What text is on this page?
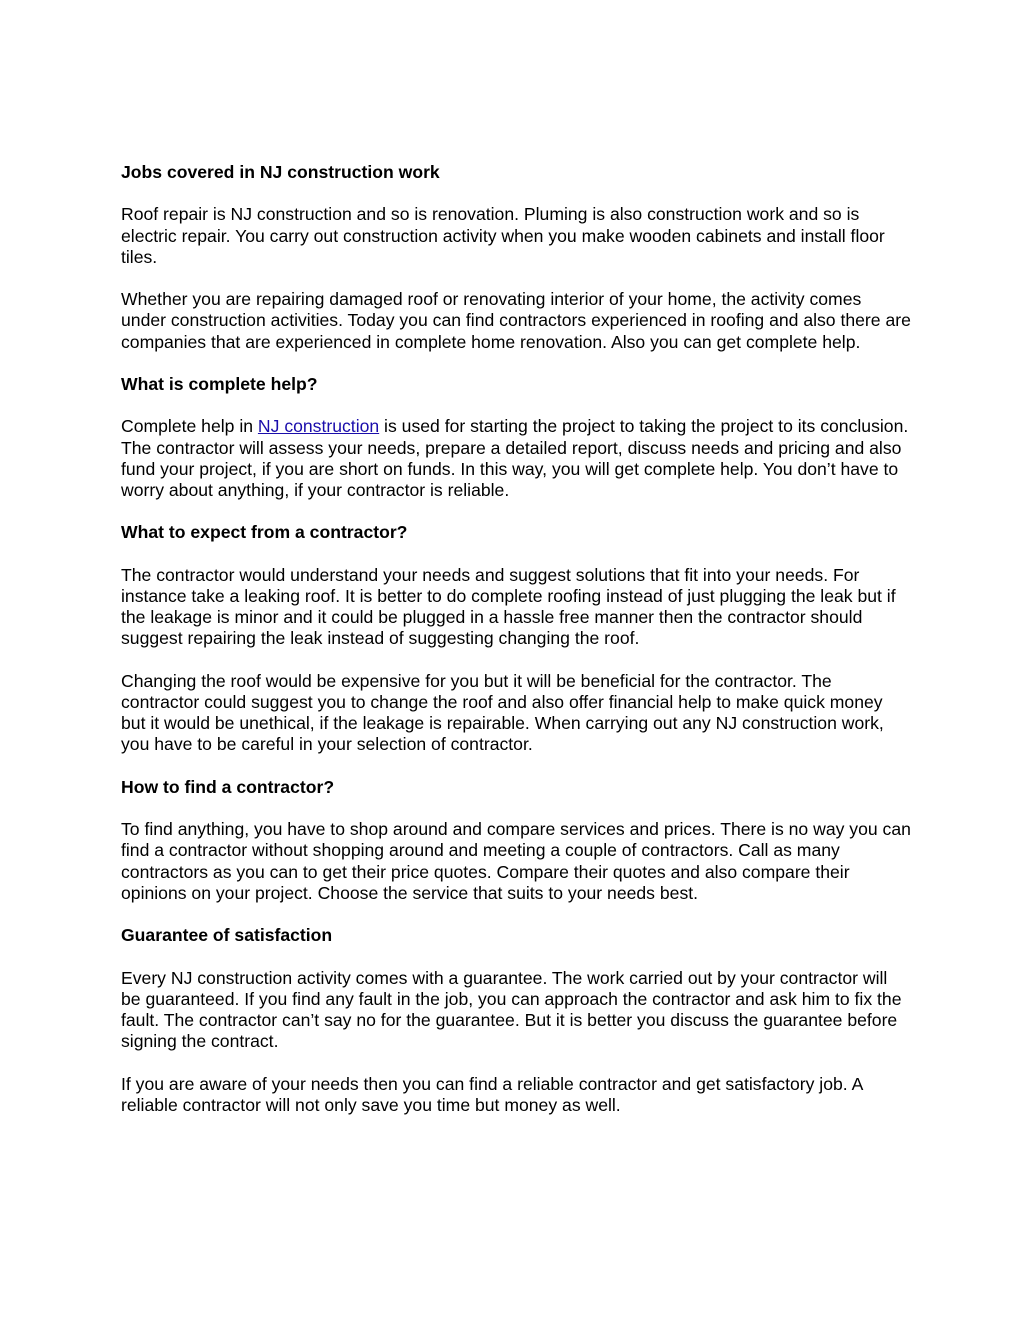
Jobs covered in NJ construction work

Roof repair is NJ construction and so is renovation. Pluming is also construction work and so is electric repair. You carry out construction activity when you make wooden cabinets and install floor tiles.

Whether you are repairing damaged roof or renovating interior of your home, the activity comes under construction activities. Today you can find contractors experienced in roofing and also there are companies that are experienced in complete home renovation. Also you can get complete help.

What is complete help?

Complete help in NJ construction is used for starting the project to taking the project to its conclusion. The contractor will assess your needs, prepare a detailed report, discuss needs and pricing and also fund your project, if you are short on funds. In this way, you will get complete help. You don’t have to worry about anything, if your contractor is reliable.

What to expect from a contractor?

The contractor would understand your needs and suggest solutions that fit into your needs. For instance take a leaking roof. It is better to do complete roofing instead of just plugging the leak but if the leakage is minor and it could be plugged in a hassle free manner then the contractor should suggest repairing the leak instead of suggesting changing the roof.

Changing the roof would be expensive for you but it will be beneficial for the contractor. The contractor could suggest you to change the roof and also offer financial help to make quick money but it would be unethical, if the leakage is repairable. When carrying out any NJ construction work, you have to be careful in your selection of contractor.

How to find a contractor?

To find anything, you have to shop around and compare services and prices. There is no way you can find a contractor without shopping around and meeting a couple of contractors. Call as many contractors as you can to get their price quotes. Compare their quotes and also compare their opinions on your project. Choose the service that suits to your needs best.

Guarantee of satisfaction

Every NJ construction activity comes with a guarantee. The work carried out by your contractor will be guaranteed. If you find any fault in the job, you can approach the contractor and ask him to fix the fault. The contractor can’t say no for the guarantee. But it is better you discuss the guarantee before signing the contract.

If you are aware of your needs then you can find a reliable contractor and get satisfactory job. A reliable contractor will not only save you time but money as well.
